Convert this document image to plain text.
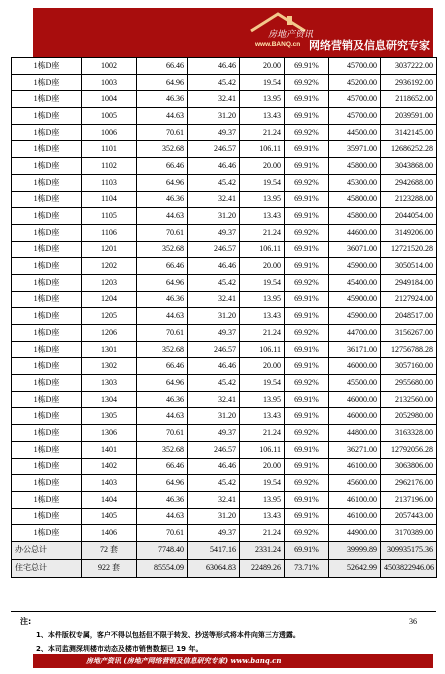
房地产资讯
www.BANQ.cn 网络营销及信息研究专家
1栋D座	1002	66.46	46.46	20.00	69.91%	45700.00	3037222.00
1栋D座	1003	64.96	45.42	19.54	69.92%	45200.00	2936192.00
1栋D座	1004	46.36	32.41	13.95	69.91%	45700.00	2118652.00
1栋D座	1005	44.63	31.20	13.43	69.91%	45700.00	2039591.00
1栋D座	1006	70.61	49.37	21.24	69.92%	44500.00	3142145.00
1栋D座	1101	352.68	246.57	106.11	69.91%	35971.00	12686252.28
1栋D座	1102	66.46	46.46	20.00	69.91%	45800.00	3043868.00
1栋D座	1103	64.96	45.42	19.54	69.92%	45300.00	2942688.00
1栋D座	1104	46.36	32.41	13.95	69.91%	45800.00	2123288.00
1栋D座	1105	44.63	31.20	13.43	69.91%	45800.00	2044054.00
1栋D座	1106	70.61	49.37	21.24	69.92%	44600.00	3149206.00
1栋D座	1201	352.68	246.57	106.11	69.91%	36071.00	12721520.28
1栋D座	1202	66.46	46.46	20.00	69.91%	45900.00	3050514.00
1栋D座	1203	64.96	45.42	19.54	69.92%	45400.00	2949184.00
1栋D座	1204	46.36	32.41	13.95	69.91%	45900.00	2127924.00
1栋D座	1205	44.63	31.20	13.43	69.91%	45900.00	2048517.00
1栋D座	1206	70.61	49.37	21.24	69.92%	44700.00	3156267.00
1栋D座	1301	352.68	246.57	106.11	69.91%	36171.00	12756788.28
1栋D座	1302	66.46	46.46	20.00	69.91%	46000.00	3057160.00
1栋D座	1303	64.96	45.42	19.54	69.92%	45500.00	2955680.00
1栋D座	1304	46.36	32.41	13.95	69.91%	46000.00	2132560.00
1栋D座	1305	44.63	31.20	13.43	69.91%	46000.00	2052980.00
1栋D座	1306	70.61	49.37	21.24	69.92%	44800.00	3163328.00
1栋D座	1401	352.68	246.57	106.11	69.91%	36271.00	12792056.28
1栋D座	1402	66.46	46.46	20.00	69.91%	46100.00	3063806.00
1栋D座	1403	64.96	45.42	19.54	69.92%	45600.00	2962176.00
1栋D座	1404	46.36	32.41	13.95	69.91%	46100.00	2137196.00
1栋D座	1405	44.63	31.20	13.43	69.91%	46100.00	2057443.00
1栋D座	1406	70.61	49.37	21.24	69.92%	44900.00	3170389.00
办公总计	72 套	7748.40	5417.16	2331.24	69.91%	39999.89	309935175.36
住宅总计	922 套	85554.09	63064.83	22489.26	73.71%	52642.99	4503822946.06
注:
1、本件版权专属，客户不得以包括但不限于转发、抄送等形式将本件向第三方透露。
2、本司监测深圳楼市动态及楼市销售数据已 19 年。
36
房地产资讯 (房地产网络营销及信息研究专家) www.banq.cn
